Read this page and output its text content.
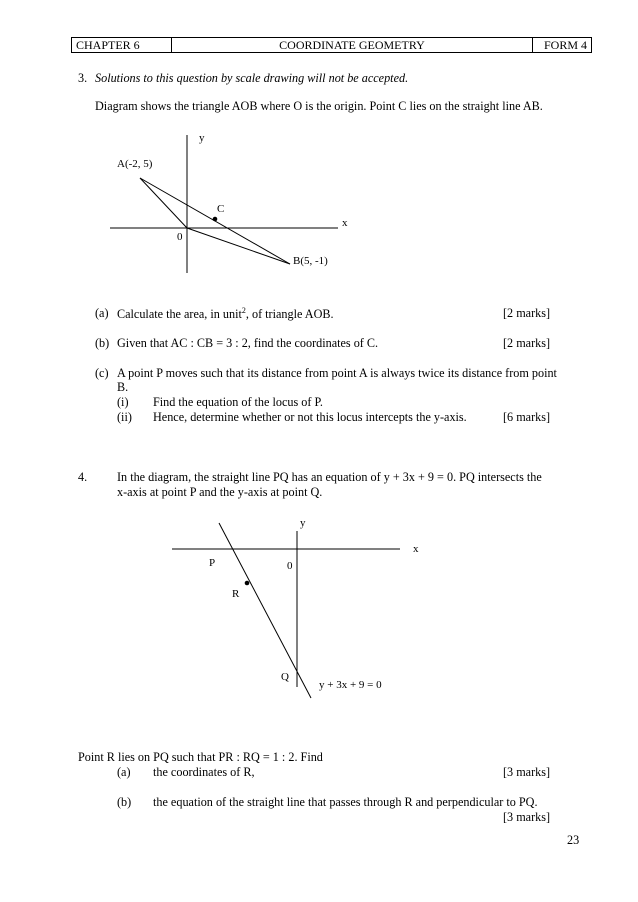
CHAPTER 6	COORDINATE GEOMETRY	FORM 4
3. Solutions to this question by scale drawing will not be accepted.
Diagram shows the triangle AOB where O is the origin. Point C lies on the straight line AB.
y
x
A(-2, 5)
C
0
B(5, -1)
y
x
P	0
R
Q
y + 3x + 9 = 0
(a) Calculate the area, in unit$^2$, of triangle AOB.	[2 marks]
(b) Given that AC : CB = 3 : 2, find the coordinates of C.	[2 marks]
(c) A point P moves such that its distance from point A is always twice its distance from point
B.
(i) Find the equation of the locus of P.
(ii) Hence, determine whether or not this locus intercepts the y-axis.	[6 marks]
4. In the diagram, the straight line PQ has an equation of y + 3x + 9 = 0. PQ intersects the
x-axis at point P and the y-axis at point Q.
Point R lies on PQ such that PR : RQ = 1 : 2. Find
(a) the coordinates of R,	[3 marks]
(b) the equation of the straight line that passes through R and perpendicular to PQ.
[3 marks]
23
